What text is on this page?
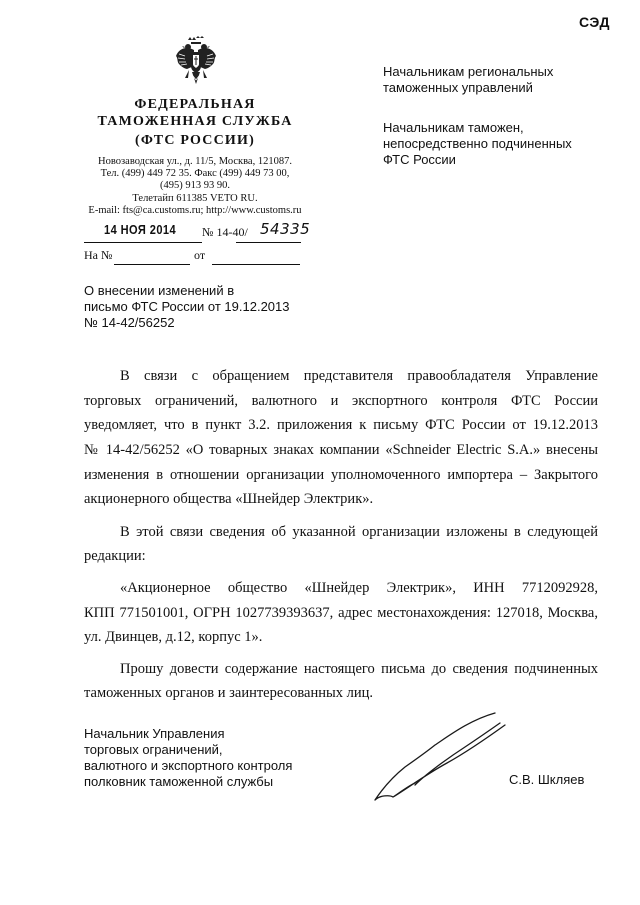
СЭД
ФЕДЕРАЛЬНАЯ
ТАМОЖЕННАЯ СЛУЖБА
(ФТС РОССИИ)
Новозаводская ул., д. 11/5, Москва, 121087.
Тел. (499) 449 72 35. Факс (499) 449 73 00,
(495) 913 93 90.
Телетайп 611385 VETO RU.
E-mail: fts@ca.customs.ru; http://www.customs.ru
14 НОЯ 2014 № 14-40/ 54335
На №	от
Начальникам региональных
таможенных управлений
Начальникам таможен,
непосредственно подчиненных
ФТС России
О внесении изменений в
письмо ФТС России от 19.12.2013
№ 14-42/56252
В связи с обращением представителя правообладателя Управление
торговых ограничений, валютного и экспортного контроля ФТС России
уведомляет, что в пункт 3.2. приложения к письму ФТС России от 19.12.2013
№ 14-42/56252 «О товарных знаках компании «Schneider Electric S.A.» внесены
изменения в отношении организации уполномоченного импортера – Закрытого
акционерного общества «Шнейдер Электрик».
В этой связи сведения об указанной организации изложены в следующей
редакции:
«Акционерное общество «Шнейдер Электрик», ИНН 7712092928,
КПП 771501001, ОГРН 1027739393637, адрес местонахождения: 127018, Москва,
ул. Двинцев, д.12, корпус 1».
Прошу довести содержание настоящего письма до сведения подчиненных
таможенных органов и заинтересованных лиц.
Начальник Управления
торговых ограничений,
валютного и экспортного контроля
полковник таможенной службы	С.В. Шкляев
